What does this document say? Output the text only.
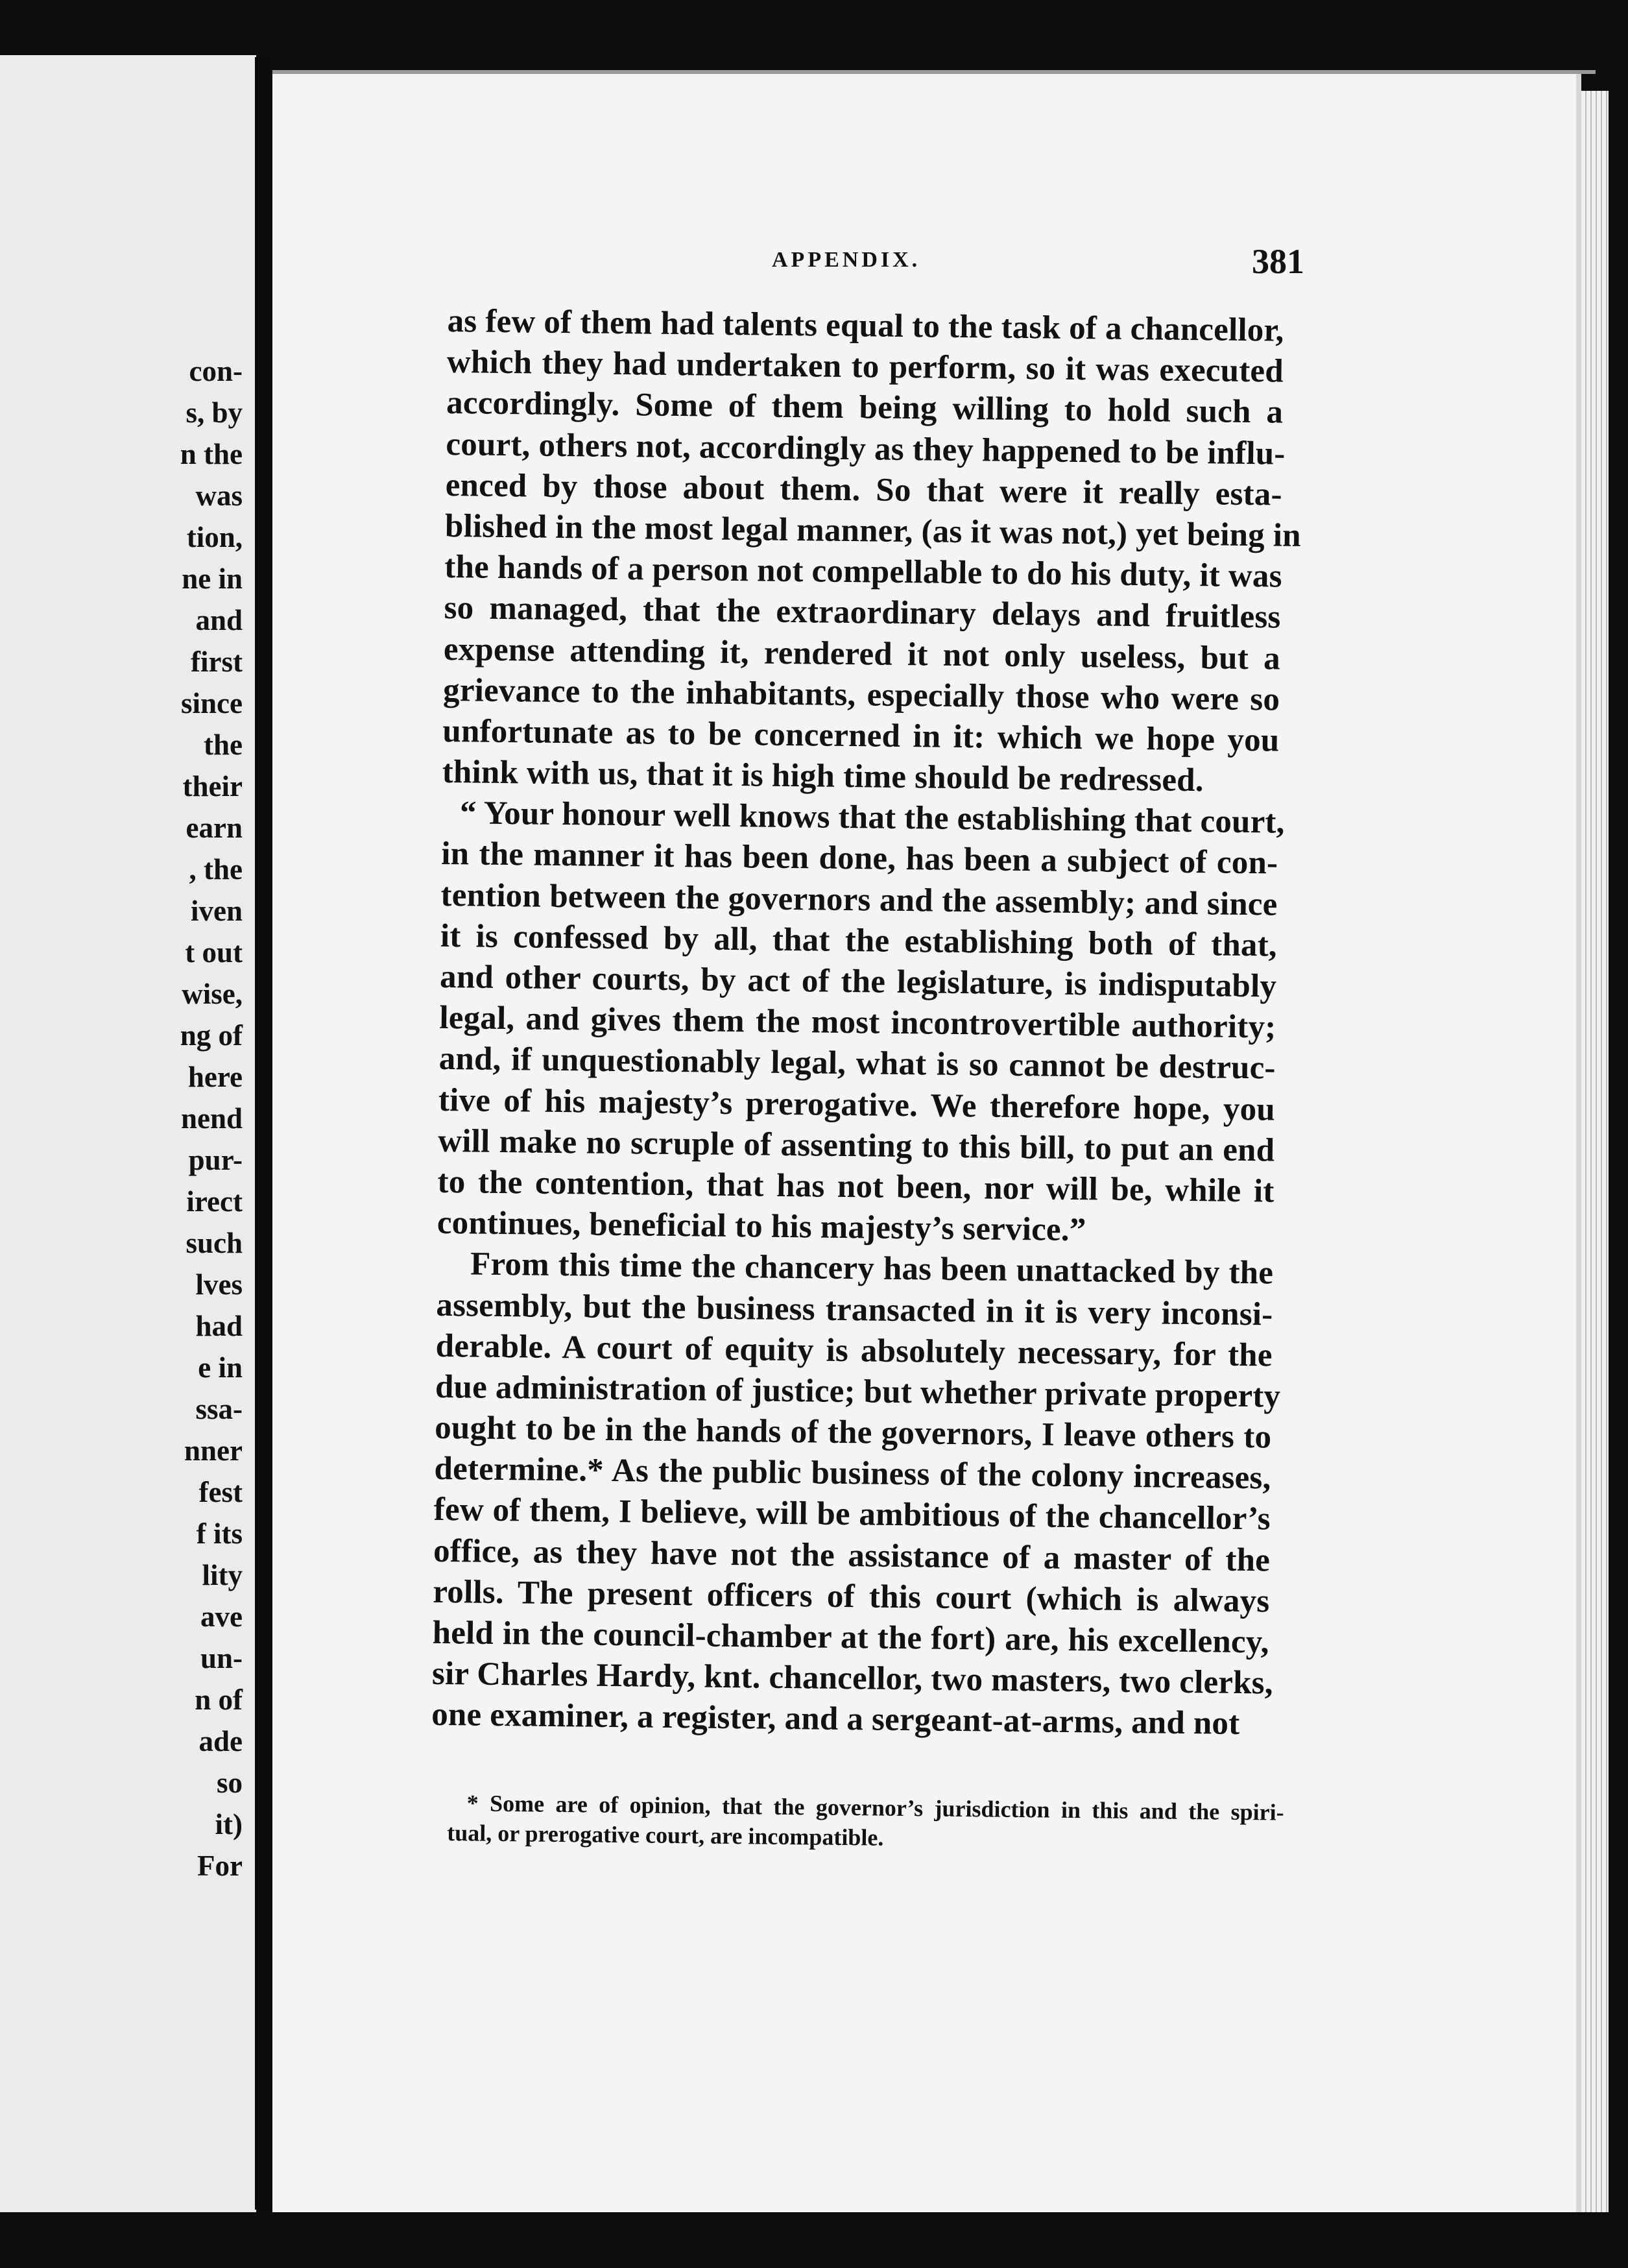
con-
s, by
n the
was
tion,
ne in
and
first
since
the
their
earn
, the
iven
t out
wise,
ng of
here
nend
pur-
irect
such
lves
had
e in
ssa-
nner
fest
f its
lity
ave
un-
n of
ade
so
it)
For
APPENDIX.	381
as few of them had talents equal to the task of a chancellor,
which they had undertaken to perform, so it was executed
accordingly. Some of them being willing to hold such a
court, others not, accordingly as they happened to be influ-
enced by those about them. So that were it really esta-
blished in the most legal manner, (as it was not,) yet being in
the hands of a person not compellable to do his duty, it was
so managed, that the extraordinary delays and fruitless
expense attending it, rendered it not only useless, but a
grievance to the inhabitants, especially those who were so
unfortunate as to be concerned in it: which we hope you
think with us, that it is high time should be redressed.
“ Your honour well knows that the establishing that court,
in the manner it has been done, has been a subject of con-
tention between the governors and the assembly; and since
it is confessed by all, that the establishing both of that,
and other courts, by act of the legislature, is indisputably
legal, and gives them the most incontrovertible authority;
and, if unquestionably legal, what is so cannot be destruc-
tive of his majesty’s prerogative. We therefore hope, you
will make no scruple of assenting to this bill, to put an end
to the contention, that has not been, nor will be, while it
continues, beneficial to his majesty’s service.”
From this time the chancery has been unattacked by the
assembly, but the business transacted in it is very inconsi-
derable. A court of equity is absolutely necessary, for the
due administration of justice; but whether private property
ought to be in the hands of the governors, I leave others to
determine.* As the public business of the colony increases,
few of them, I believe, will be ambitious of the chancellor’s
office, as they have not the assistance of a master of the
rolls. The present officers of this court (which is always
held in the council-chamber at the fort) are, his excellency,
sir Charles Hardy, knt. chancellor, two masters, two clerks,
one examiner, a register, and a sergeant-at-arms, and not
* Some are of opinion, that the governor’s jurisdiction in this and the spiri-
tual, or prerogative court, are incompatible.
